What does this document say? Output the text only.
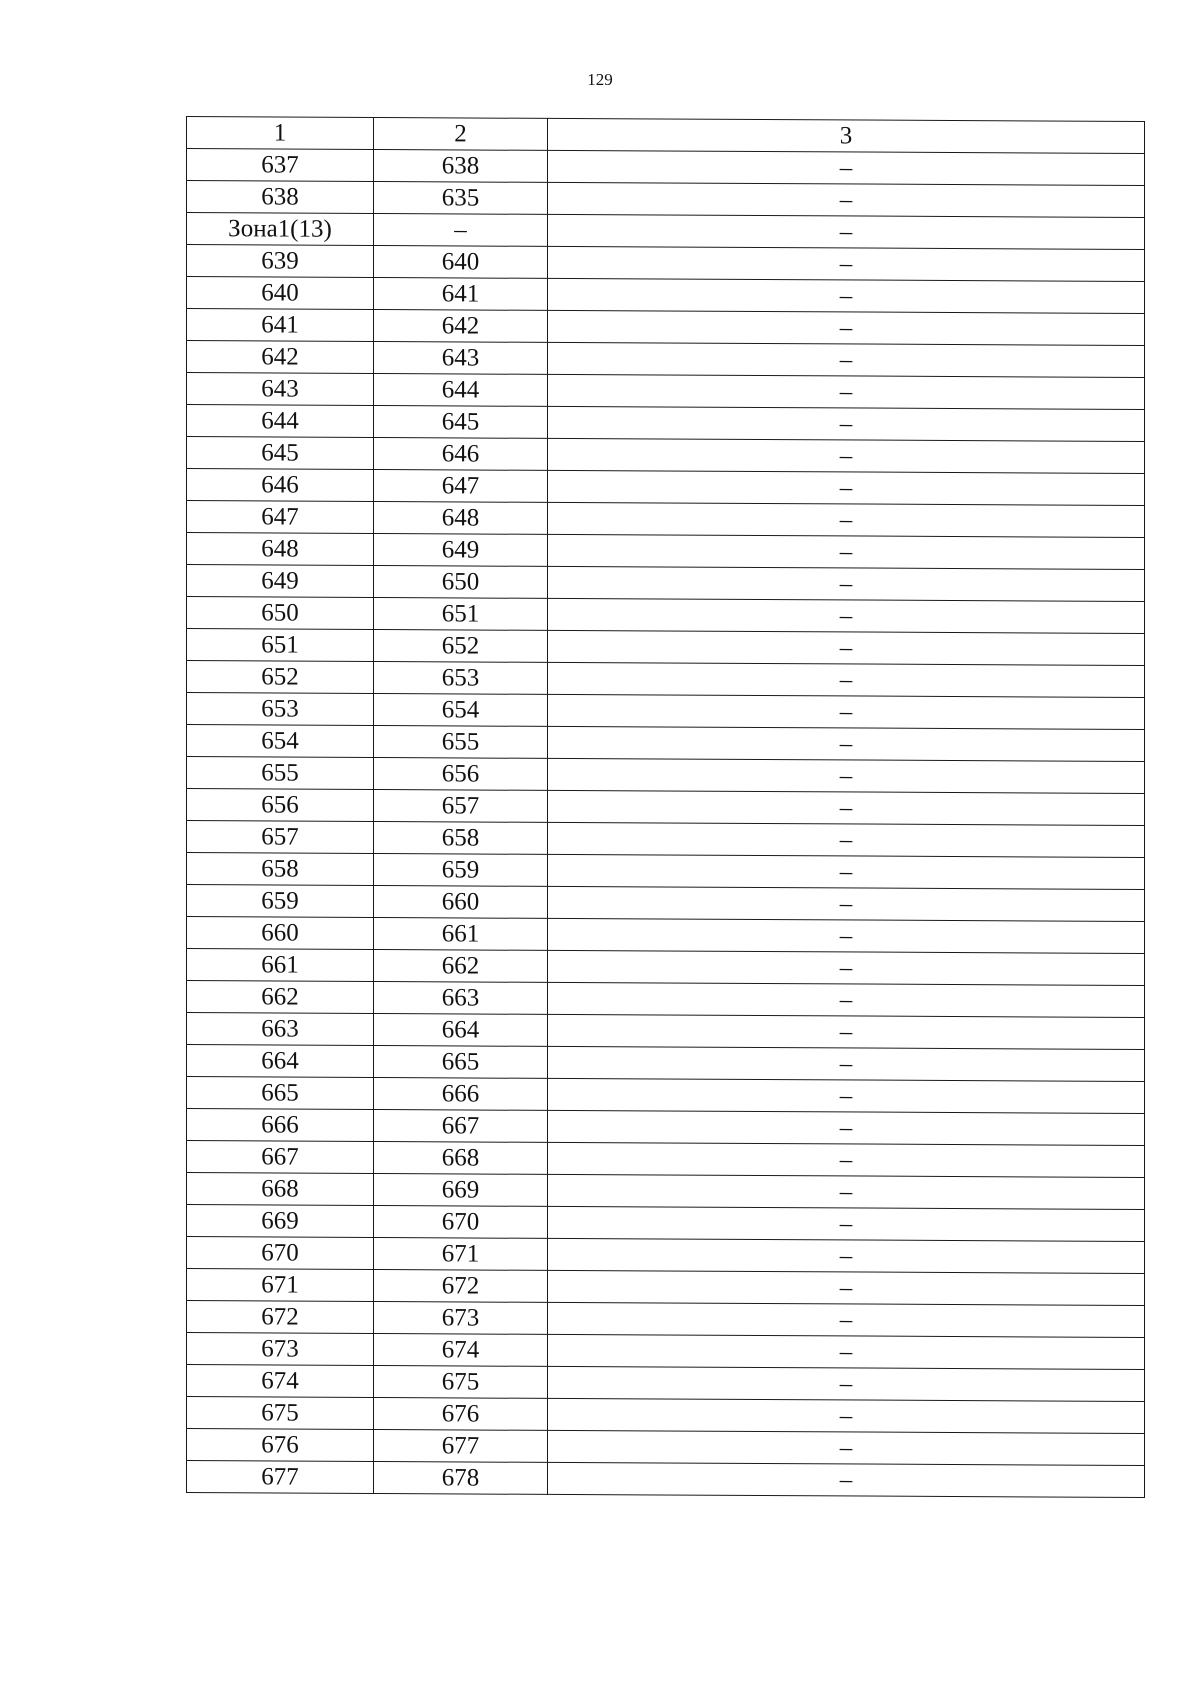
129
1	2	3
637	638	–
638	635	–
Зона1(13)	–	–
639	640	–
640	641	–
641	642	–
642	643	–
643	644	–
644	645	–
645	646	–
646	647	–
647	648	–
648	649	–
649	650	–
650	651	–
651	652	–
652	653	–
653	654	–
654	655	–
655	656	–
656	657	–
657	658	–
658	659	–
659	660	–
660	661	–
661	662	–
662	663	–
663	664	–
664	665	–
665	666	–
666	667	–
667	668	–
668	669	–
669	670	–
670	671	–
671	672	–
672	673	–
673	674	–
674	675	–
675	676	–
676	677	–
677	678	–
